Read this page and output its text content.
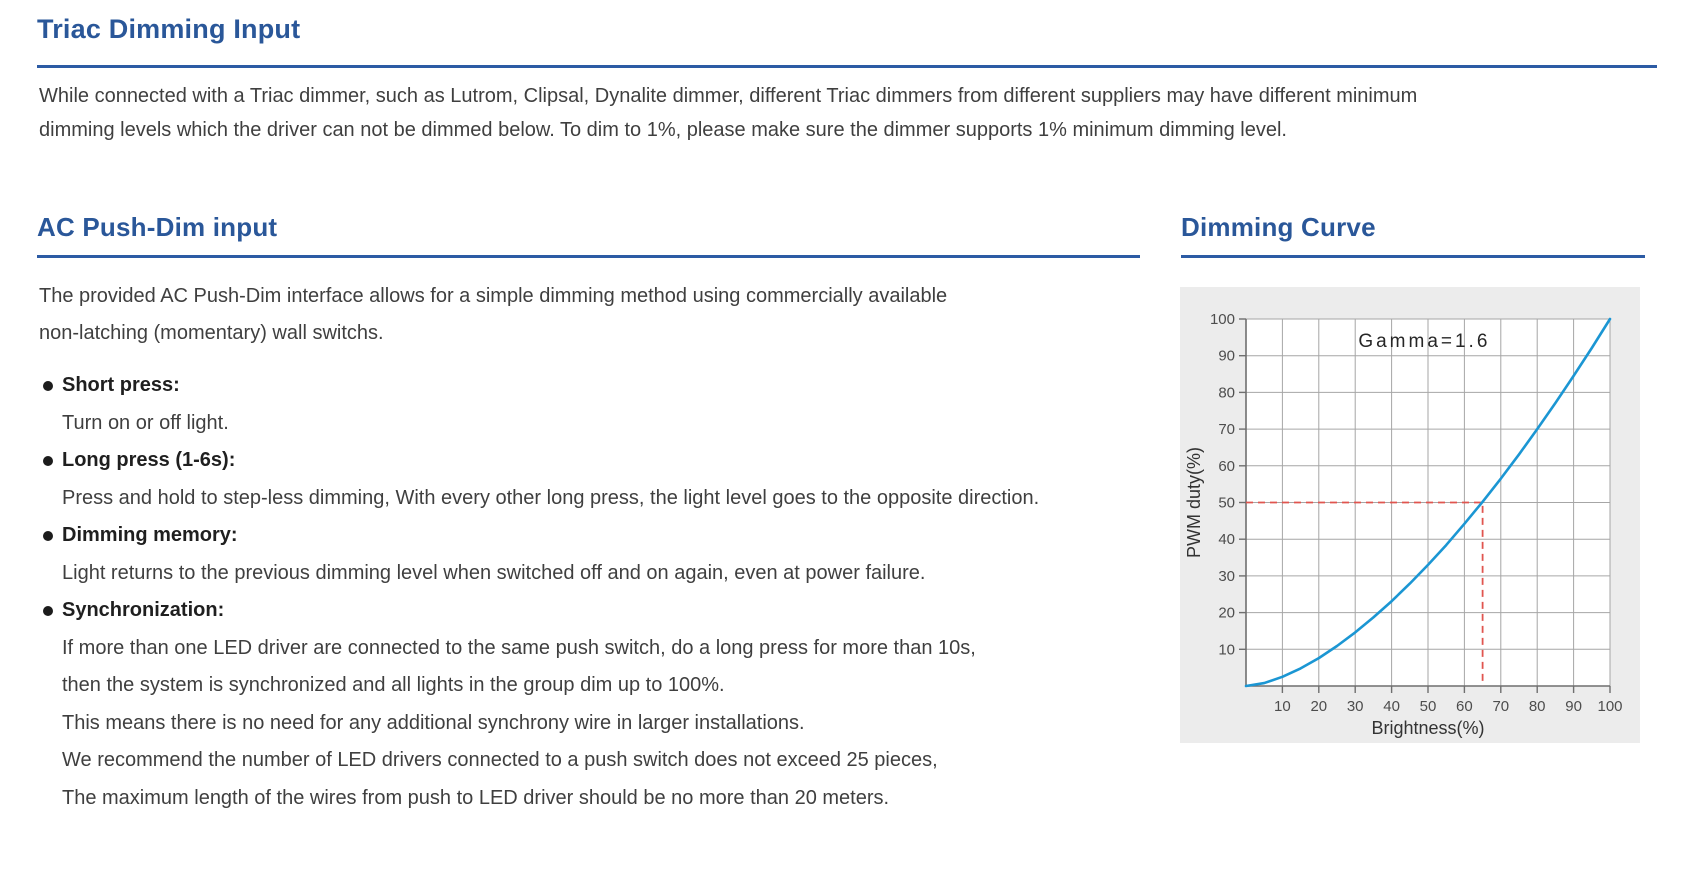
Triac Dimming Input
While connected with a Triac dimmer, such as Lutrom, Clipsal, Dynalite dimmer, different Triac dimmers from different suppliers may have different minimum
dimming levels which the driver can not be dimmed below. To dim to 1%, please make sure the dimmer supports 1% minimum dimming level.
AC Push-Dim input
The provided AC Push-Dim interface allows for a simple dimming method using commercially available
non-latching (momentary) wall switchs.
Short press:
Turn on or off light.
Long press (1-6s):
Press and hold to step-less dimming, With every other long press, the light level goes to the opposite direction.
Dimming memory:
Light returns to the previous dimming level when switched off and on again, even at power failure.
Synchronization:
If more than one LED driver are connected to the same push switch, do a long press for more than 10s,
then the system is synchronized and all lights in the group dim up to 100%.
This means there is no need for any additional synchrony wire in larger installations.
We recommend the number of LED drivers connected to a push switch does not exceed 25 pieces,
The maximum length of the wires from push to LED driver should be no more than 20 meters.
Dimming Curve
10
20
30
40
50
60
70
80
90
100
10 20 30 40 50 60 70 80 90 100
Gamma=1.6
Brightness(%)
PWM duty(%)
